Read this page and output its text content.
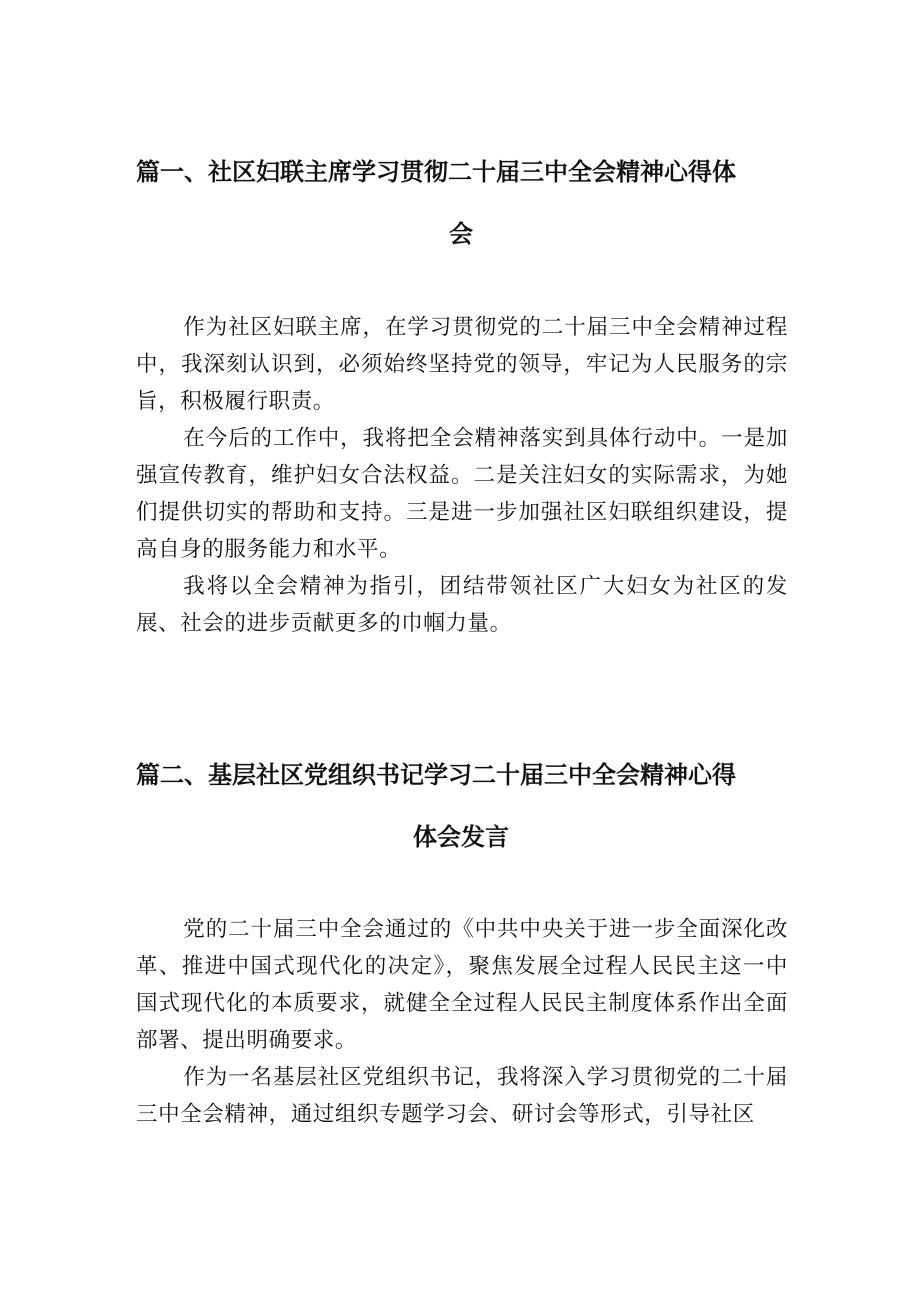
篇一、社区妇联主席学习贯彻二十届三中全会精神心得体
会

作为社区妇联主席，在学习贯彻党的二十届三中全会精神过程中，我深刻认识到，必须始终坚持党的领导，牢记为人民服务的宗旨，积极履行职责。

在今后的工作中，我将把全会精神落实到具体行动中。一是加强宣传教育，维护妇女合法权益。二是关注妇女的实际需求，为她们提供切实的帮助和支持。三是进一步加强社区妇联组织建设，提高自身的服务能力和水平。

我将以全会精神为指引，团结带领社区广大妇女为社区的发展、社会的进步贡献更多的巾帼力量。

篇二、基层社区党组织书记学习二十届三中全会精神心得
体会发言

党的二十届三中全会通过的《中共中央关于进一步全面深化改革、推进中国式现代化的决定》，聚焦发展全过程人民民主这一中国式现代化的本质要求，就健全全过程人民民主制度体系作出全面部署、提出明确要求。

作为一名基层社区党组织书记，我将深入学习贯彻党的二十届三中全会精神，通过组织专题学习会、研讨会等形式，引导社区
